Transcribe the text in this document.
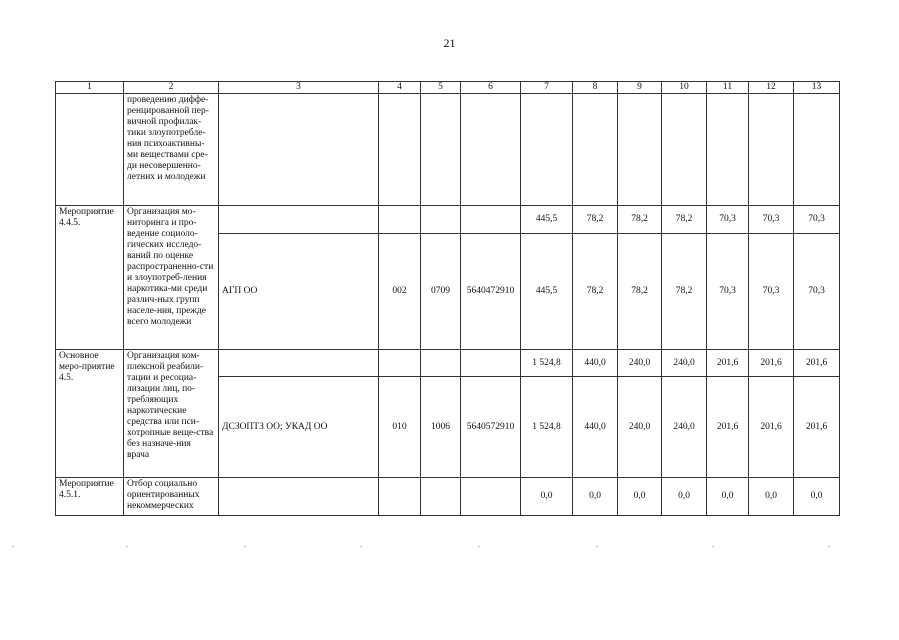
21
1	2	3	4	5	6	7	8	9	10	11	12	13
	проведению диффе-ренцированной пер-вичной профилак-тики злоупотребле-ния психоактивны-ми веществами сре-ди несовершенно-летних и молодежи											
Мероприятие 4.4.5.	Организация мо-ниторинга и про-ведение социоло-гических исследо-ваний по оценке распространенно-сти и злоупотреб-ления наркотика-ми среди различ-ных групп населе-ния, прежде всего молодежи					445,5	78,2	78,2	78,2	70,3	70,3	70,3
		АГП ОО	002	0709	5640472910	445,5	78,2	78,2	78,2	70,3	70,3	70,3
Основное меро-приятие 4.5.	Организация ком-плексной реабили-тации и ресоциа-лизации лиц, по-требляющих наркотические средства или пси-хотропные веще-ства без назначе-ния врача					1 524,8	440,0	240,0	240,0	201,6	201,6	201,6
		ДСЗОПТЗ ОО; УКАД ОО	010	1006	5640572910	1 524,8	440,0	240,0	240,0	201,6	201,6	201,6
Мероприятие 4.5.1.	Отбор социально ориентированных некоммерческих					0,0	0,0	0,0	0,0	0,0	0,0	0,0
